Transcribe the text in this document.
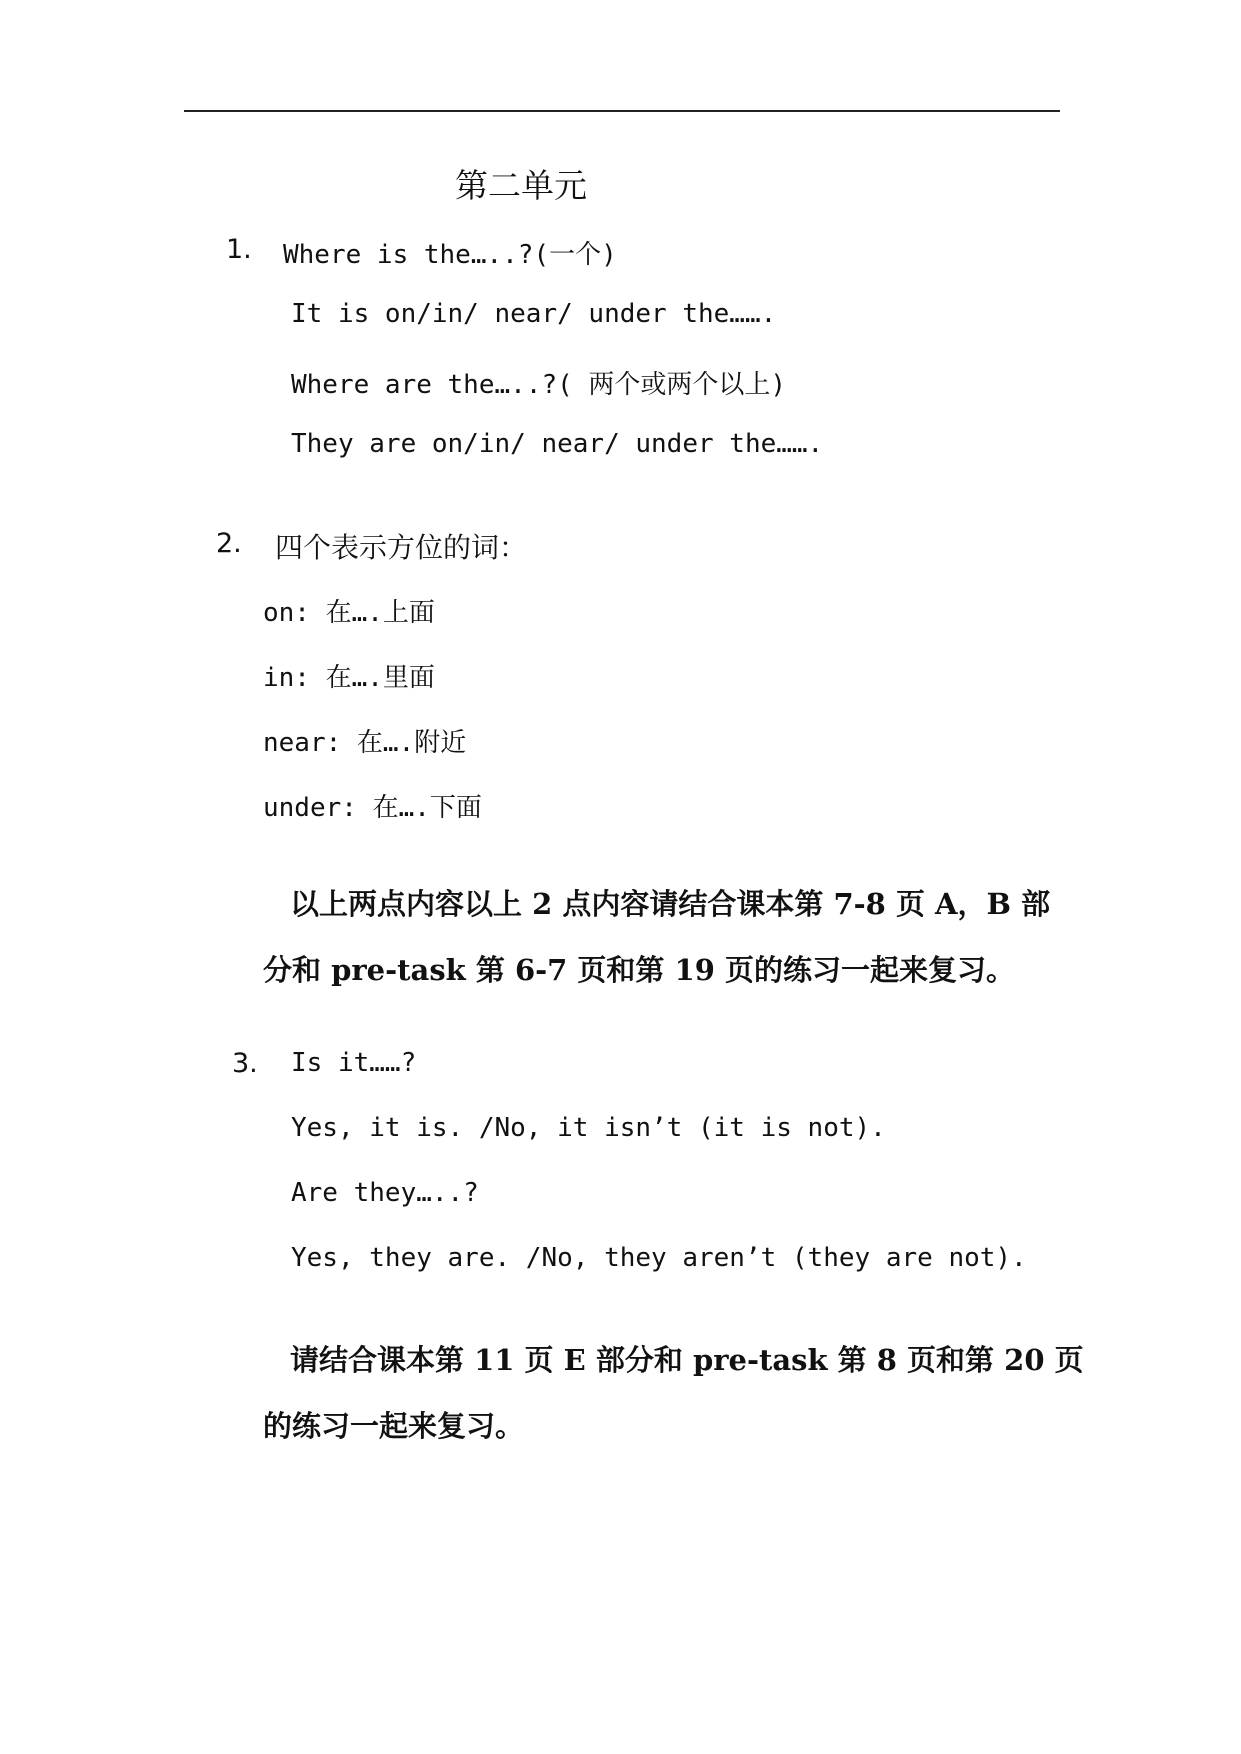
第二单元
1. Where is the…..?(一个)
It is on/in/ near/ under the…….
Where are the…..?( 两个或两个以上)
They are on/in/ near/ under the…….
2. 四个表示方位的词：
on: 在….上面
in: 在….里面
near: 在….附近
under: 在….下面
以上两点内容以上 2 点内容请结合课本第 7-8 页 A，B 部
分和 pre-task 第 6-7 页和第 19 页的练习一起来复习。
3. Is it……?
Yes, it is. /No, it isn’t (it is not).
Are they…..?
Yes, they are. /No, they aren’t (they are not).
请结合课本第 11 页 E 部分和 pre-task 第 8 页和第 20 页
的练习一起来复习。
